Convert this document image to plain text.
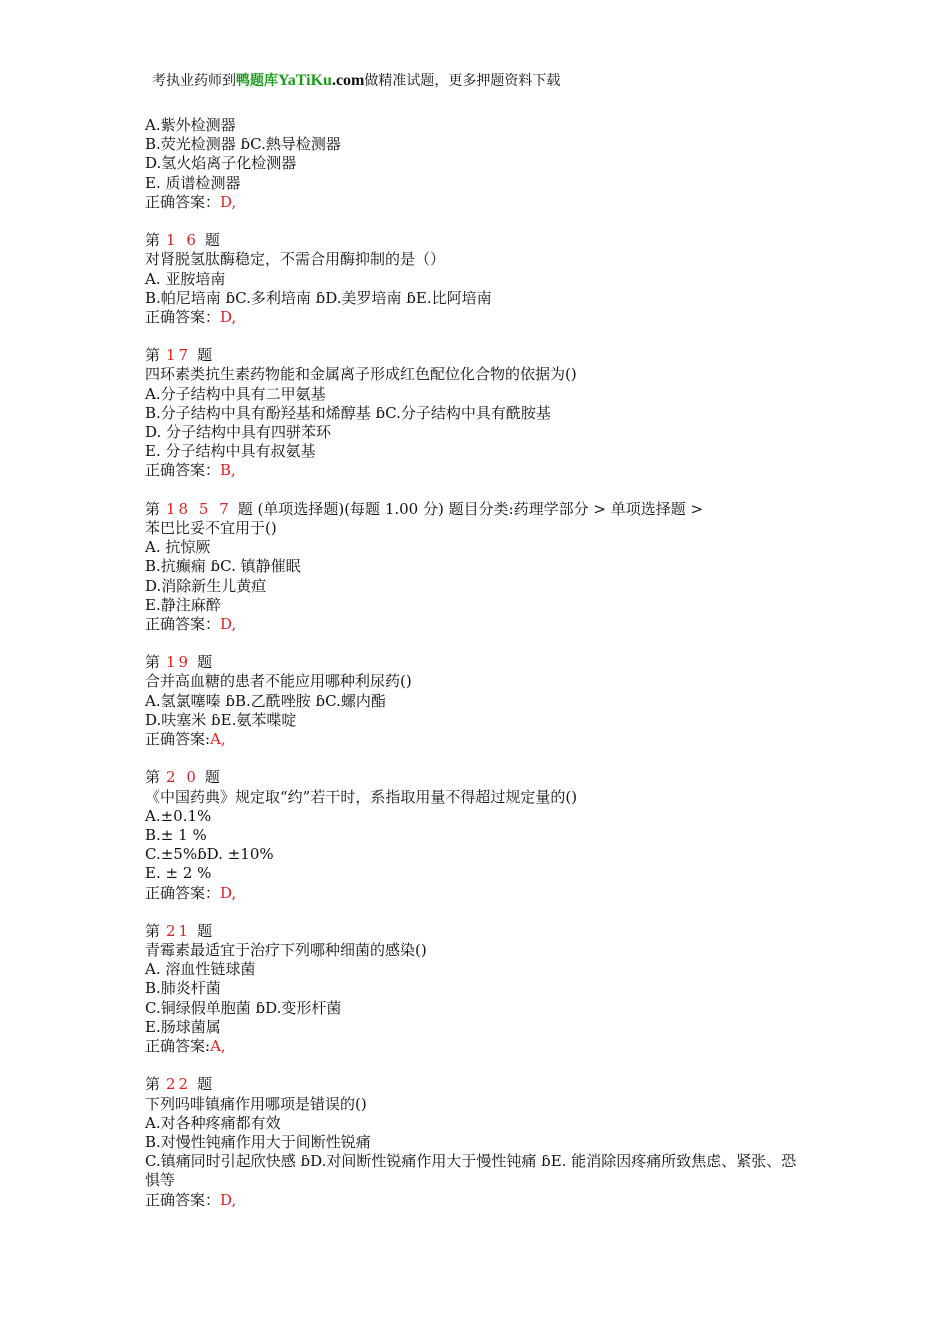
考执业药师到鸭题库YaTiKu.com做精准试题，更多押题资料下载
A.紫外检测器
B.荧光检测器 ɓC.熱导检测器
D.氢火焰离子化检测器
E. 质谱检测器
正确答案：D,
第 1 6 题
对肾脱氢肽酶稳定，不需合用酶抑制的是（）
A. 亚胺培南
B.帕尼培南 ɓC.多利培南 ɓD.美罗培南 ɓE.比阿培南
正确答案：D,
第 17 题
四环素类抗生素药物能和金属离子形成红色配位化合物的依据为()
A.分子结构中具有二甲氨基
B.分子结构中具有酚羟基和烯醇基 ɓC.分子结构中具有酰胺基
D. 分子结构中具有四骈苯环
E. 分子结构中具有叔氨基
正确答案：B,
第 18 5 7 题 (单项选择题)(每题 1.00 分) 题目分类:药理学部分 > 单项选择题 >
苯巴比妥不宜用于()
A. 抗惊厥
B.抗癫痫 ɓC. 镇静催眠
D.消除新生儿黄疸
E.静注麻醉
正确答案：D,
第 19 题
合并高血糖的患者不能应用哪种利尿药()
A.氢氯噻嗪 ɓB.乙酰唑胺 ɓC.螺内酯
D.呋塞米 ɓE.氨苯喋啶
正确答案:A,
第 2 0 题
《中国药典》规定取“约”若干时，系指取用量不得超过规定量的()
A.±0.1%
B.± 1 %
C.±5%ɓD. ±10%
E. ± 2 %
正确答案：D,
第 21 题
青霉素最适宜于治疗下列哪种细菌的感染()
A. 溶血性链球菌
B.肺炎杆菌
C.铜绿假单胞菌 ɓD.变形杆菌
E.肠球菌属
正确答案:A,
第 22 题
下列吗啡镇痛作用哪项是错误的()
A.对各种疼痛都有效
B.对慢性钝痛作用大于间断性锐痛
C.镇痛同时引起欣快感 ɓD.对间断性锐痛作用大于慢性钝痛 ɓE. 能消除因疼痛所致焦虑、紧张、恐惧等
正确答案：D,
